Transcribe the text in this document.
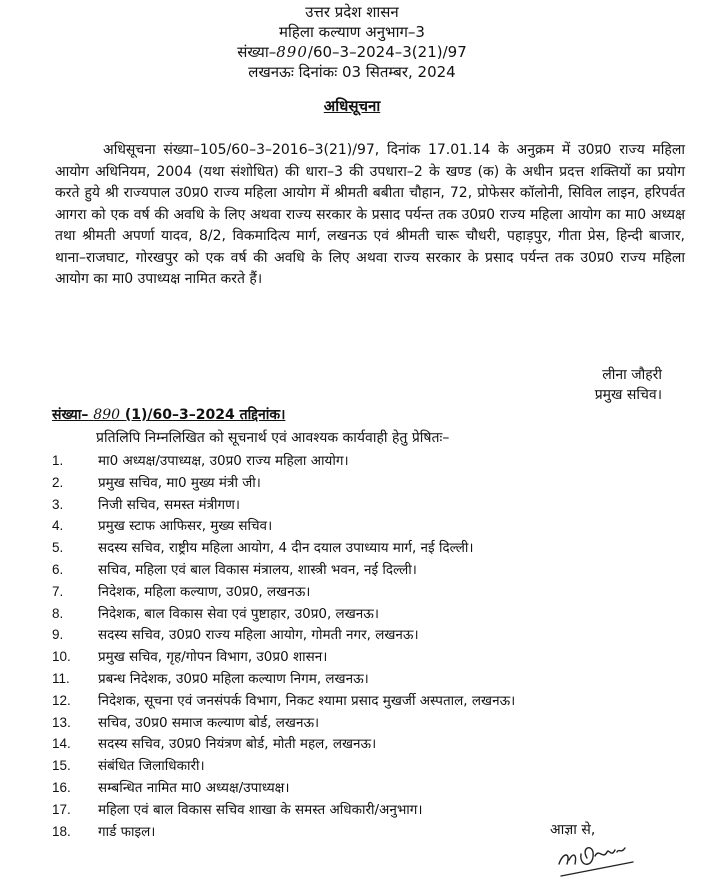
उत्तर प्रदेश शासन
महिला कल्याण अनुभाग–3
संख्या–890/60–3–2024–3(21)/97
लखनऊः दिनांकः 03 सितम्बर, 2024
अधिसूचना
अधिसूचना संख्या–105/60–3–2016–3(21)/97, दिनांक 17.01.14 के अनुक्रम में उ0प्र0 राज्य महिला आयोग अधिनियम, 2004 (यथा संशोधित) की धारा–3 की उपधारा–2 के खण्ड (क) के अधीन प्रदत्त शक्तियों का प्रयोग करते हुये श्री राज्यपाल उ0प्र0 राज्य महिला आयोग में श्रीमती बबीता चौहान, 72, प्रोफेसर कॉलोनी, सिविल लाइन, हरिपर्वत आगरा को एक वर्ष की अवधि के लिए अथवा राज्य सरकार के प्रसाद पर्यन्त तक उ0प्र0 राज्य महिला आयोग का मा0 अध्यक्ष तथा श्रीमती अपर्णा यादव, 8/2, विकमादित्य मार्ग, लखनऊ एवं श्रीमती चारू चौधरी, पहाड़पुर, गीता प्रेस, हिन्दी बाजार, थाना–राजघाट, गोरखपुर को एक वर्ष की अवधि के लिए अथवा राज्य सरकार के प्रसाद पर्यन्त तक उ0प्र0 राज्य महिला आयोग का मा0 उपाध्यक्ष नामित करते हैं।
लीना जौहरी
प्रमुख सचिव।
संख्या– 890 (1)/60–3–2024 तद्दिनांक।
प्रतिलिपि निम्नलिखित को सूचनार्थ एवं आवश्यक कार्यवाही हेतु प्रेषितः–
1.	मा0 अध्यक्ष/उपाध्यक्ष, उ0प्र0 राज्य महिला आयोग।
2.	प्रमुख सचिव, मा0 मुख्य मंत्री जी।
3.	निजी सचिव, समस्त मंत्रीगण।
4.	प्रमुख स्टाफ आफिसर, मुख्य सचिव।
5.	सदस्य सचिव, राष्ट्रीय महिला आयोग, 4 दीन दयाल उपाध्याय मार्ग, नई दिल्ली।
6.	सचिव, महिला एवं बाल विकास मंत्रालय, शास्त्री भवन, नई दिल्ली।
7.	निदेशक, महिला कल्याण, उ0प्र0, लखनऊ।
8.	निदेशक, बाल विकास सेवा एवं पुष्टाहार, उ0प्र0, लखनऊ।
9.	सदस्य सचिव, उ0प्र0 राज्य महिला आयोग, गोमती नगर, लखनऊ।
10. प्रमुख सचिव, गृह/गोपन विभाग, उ0प्र0 शासन।
11. प्रबन्ध निदेशक, उ0प्र0 महिला कल्याण निगम, लखनऊ।
12. निदेशक, सूचना एवं जनसंपर्क विभाग, निकट श्यामा प्रसाद मुखर्जी अस्पताल, लखनऊ।
13. सचिव, उ0प्र0 समाज कल्याण बोर्ड, लखनऊ।
14. सदस्य सचिव, उ0प्र0 नियंत्रण बोर्ड, मोती महल, लखनऊ।
15. संबंधित जिलाधिकारी।
16. सम्बन्धित नामित मा0 अध्यक्ष/उपाध्यक्ष।
17. महिला एवं बाल विकास सचिव शाखा के समस्त अधिकारी/अनुभाग।
18. गार्ड फाइल।	आज्ञा से,
